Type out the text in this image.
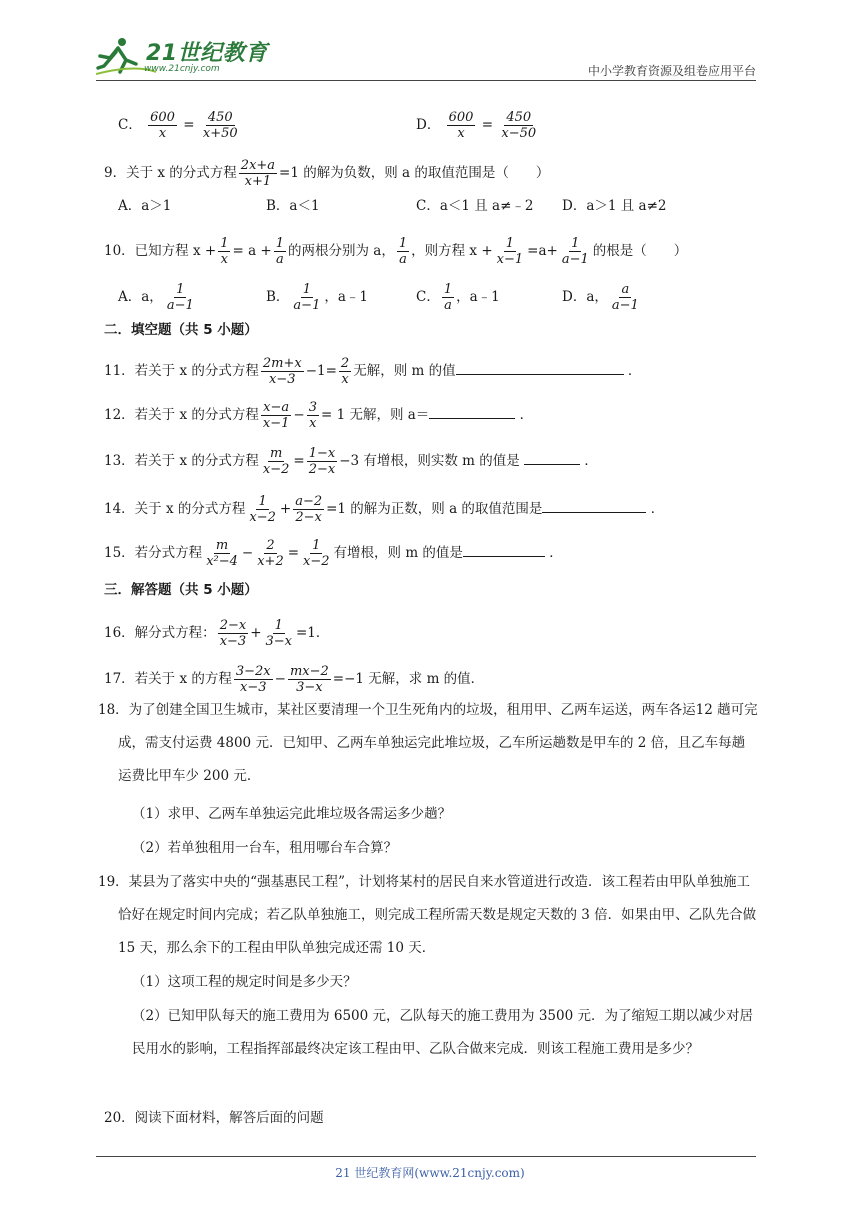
21世纪教育
www.21cnjy.com	中小学教育资源及组卷应用平台
C． $\frac{600}{x} = \frac{450}{x+50}$	D． $\frac{600}{x} = \frac{450}{x-50}$
9．关于 x 的分式方程 $\frac{2x+a}{x+1} =1$ 的解为负数，则 a 的取值范围是（　　）
A．a＞1	B．a＜1	C．a＜1 且 a≠﹣2 D．a＞1 且 a≠2
10．已知方程 $x + \frac{1}{x} = a + \frac{1}{a}$ 的两根分别为 a， $\frac{1}{a}$ ，则方程 $x + \frac{1}{x-1} =a+ \frac{1}{a-1}$ 的根是（　　）
A．a， $\frac{1}{a-1}$	B． $\frac{1}{a-1}$ ，a﹣1	C． $\frac{1}{a}$ ，a﹣1	D．a， $\frac{a}{a-1}$
二．填空题（共 5 小题）
11．若关于 x 的分式方程 $\frac{2m+x}{x-3} -1= \frac{2}{x}$ 无解，则 m 的值	．
12．若关于 x 的分式方程 $\frac{x-a}{x-1} - \frac{3}{x} = 1$ 无解，则 a＝	．
13．若关于 x 的分式方程 $\frac{m}{x-2} = \frac{1-x}{2-x} -3$ 有增根，则实数 m 的值是	．
14．关于 x 的分式方程 $\frac{1}{x-2} + \frac{a-2}{2-x} =1$ 的解为正数，则 a 的取值范围是	．
15．若分式方程 $\frac{m}{\text{x²−4}} - \frac{2}{x+2} = \frac{1}{x-2}$ 有增根，则 m 的值是	．
三．解答题（共 5 小题）
16．解分式方程： $\frac{2-x}{x-3} + \frac{1}{3-x} =1$．
17．若关于 x 的方程 $\frac{3-2x}{x-3} - \frac{mx-2}{3-x} =-1$ 无解，求 m 的值．
18．为了创建全国卫生城市，某社区要清理一个卫生死角内的垃圾，租用甲、乙两车运送，两车各运12 趟可完成，需支付运费 4800 元．已知甲、乙两车单独运完此堆垃圾，乙车所运趟数是甲车的 2 倍，且乙车每趟运费比甲车少 200 元．
（1）求甲、乙两车单独运完此堆垃圾各需运多少趟？
（2）若单独租用一台车，租用哪台车合算？
19．某县为了落实中央的“强基惠民工程”，计划将某村的居民自来水管道进行改造．该工程若由甲队单独施工恰好在规定时间内完成；若乙队单独施工，则完成工程所需天数是规定天数的 3 倍．如果由甲、乙队先合做 15 天，那么余下的工程由甲队单独完成还需 10 天．
（1）这项工程的规定时间是多少天？
（2）已知甲队每天的施工费用为 6500 元，乙队每天的施工费用为 3500 元．为了缩短工期以减少对居民用水的影响，工程指挥部最终决定该工程由甲、乙队合做来完成．则该工程施工费用是多少？
20．阅读下面材料，解答后面的问题
21 世纪教育网(www.21cnjy.com)
